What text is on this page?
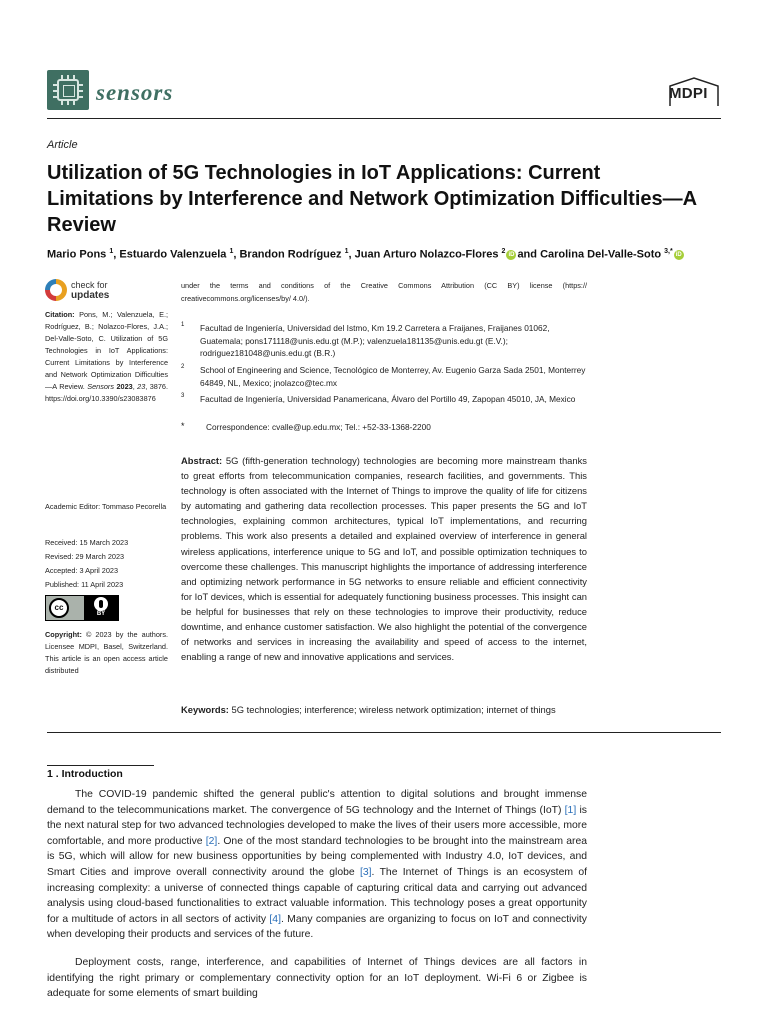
sensors	MDPI
Article
Utilization of 5G Technologies in IoT Applications: Current Limitations by Interference and Network Optimization Difficulties—A Review
Mario Pons $^1$, Estuardo Valenzuela $^1$, Brandon Rodríguez $^1$, Juan Arturo Nolazco-Flores $^2$ iD and Carolina Del-Valle-Soto $^{3,*}$ iD
check for
updates
Citation: Pons, M.; Valenzuela, E.; Rodríguez, B.; Nolazco-Flores, J.A.; Del-Valle-Soto, C. Utilization of 5G Technologies in IoT Applications: Current Limitations by Interference and Network Optimization Difficulties—A Review. Sensors 2023, 23, 3876. https://doi.org/10.3390/s23083876
Academic Editor: Tommaso Pecorella
Received: 15 March 2023
Revised: 29 March 2023
Accepted: 3 April 2023
Published: 11 April 2023
cc
BY
Copyright: © 2023 by the authors. Licensee MDPI, Basel, Switzerland. This article is an open access article distributed
under the terms and conditions of the Creative Commons Attribution (CC BY) license (https:// creativecommons.org/licenses/by/ 4.0/).
1 Facultad de Ingeniería, Universidad del Istmo, Km 19.2 Carretera a Fraijanes, Fraijanes 01062, Guatemala; pons171118@unis.edu.gt (M.P.); valenzuela181135@unis.edu.gt (E.V.); rodriguez181048@unis.edu.gt (B.R.)
2 School of Engineering and Science, Tecnológico de Monterrey, Av. Eugenio Garza Sada 2501, Monterrey 64849, NL, Mexico; jnolazco@tec.mx
3 Facultad de Ingeniería, Universidad Panamericana, Álvaro del Portillo 49, Zapopan 45010, JA, Mexico
*	Correspondence: cvalle@up.edu.mx; Tel.: +52-33-1368-2200
Abstract: 5G (fifth-generation technology) technologies are becoming more mainstream thanks to great efforts from telecommunication companies, research facilities, and governments. This technology is often associated with the Internet of Things to improve the quality of life for citizens by automating and gathering data recollection processes. This paper presents the 5G and IoT technologies, explaining common architectures, typical IoT implementations, and recurring problems. This work also presents a detailed and explained overview of interference in general wireless applications, interference unique to 5G and IoT, and possible optimization techniques to overcome these challenges. This manuscript highlights the importance of addressing interference and optimizing network performance in 5G networks to ensure reliable and efficient connectivity for IoT devices, which is essential for adequately functioning business processes. This insight can be helpful for businesses that rely on these technologies to improve their productivity, reduce downtime, and enhance customer satisfaction. We also highlight the potential of the convergence of networks and services in increasing the availability and speed of access to the internet, enabling a range of new and innovative applications and services.
Keywords: 5G technologies; interference; wireless network optimization; internet of things
1 . Introduction
The COVID-19 pandemic shifted the general public's attention to digital solutions and brought immense demand to the telecommunications market. The convergence of 5G technology and the Internet of Things (IoT) [1] is the next natural step for two advanced technologies developed to make the lives of their users more accessible, more comfortable, and more productive [2]. One of the most standard technologies to be brought into the mainstream area is 5G, which will allow for new business opportunities by being complemented with Industry 4.0, IoT devices, and Smart Cities and improve overall connectivity around the globe [3]. The Internet of Things is an ecosystem of increasing complexity: a universe of connected things capable of capturing critical data and carrying out advanced analysis using cloud-based functionalities to extract valuable information. This technology poses a great opportunity for a multitude of actors in all sectors of activity [4]. Many companies are organizing to focus on IoT and connectivity when developing their products and services of the future.
Deployment costs, range, interference, and capabilities of Internet of Things devices are all factors in identifying the right primary or complementary connectivity option for an IoT deployment. Wi-Fi 6 or Zigbee is adequate for some elements of smart building
